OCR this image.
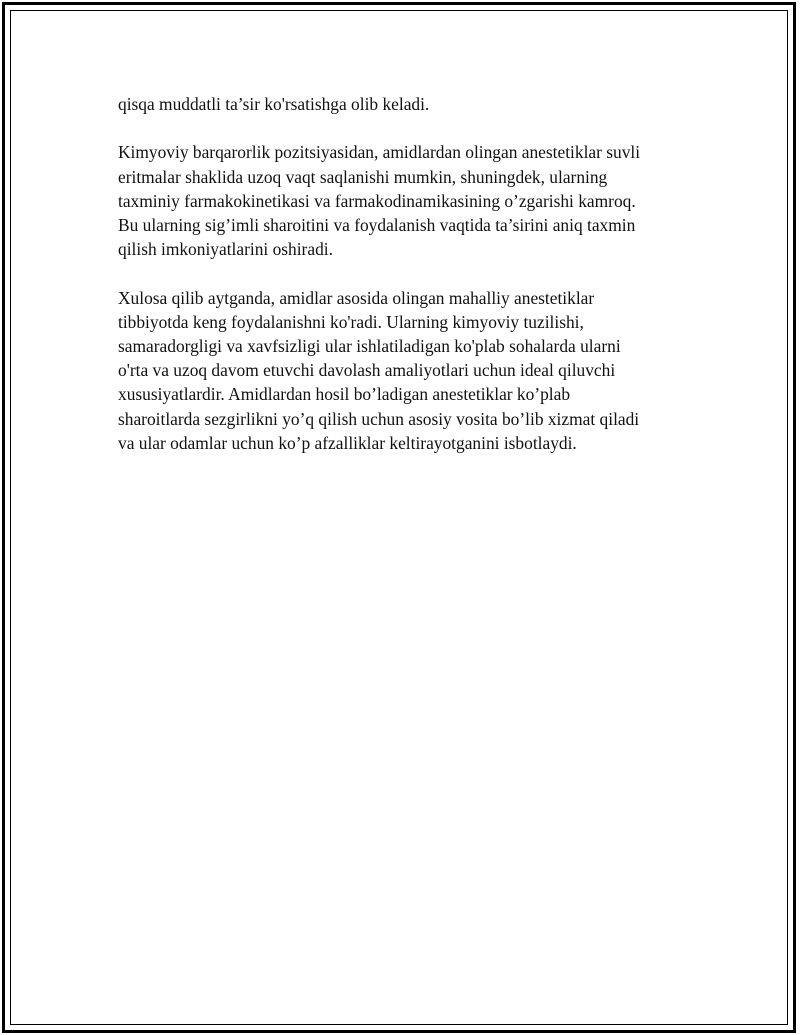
qisqa muddatli ta’sir ko'rsatishga olib keladi.

Kimyoviy barqarorlik pozitsiyasidan, amidlardan olingan anestetiklar suvli
eritmalar shaklida uzoq vaqt saqlanishi mumkin, shuningdek, ularning
taxminiy farmakokinetikasi va farmakodinamikasining o’zgarishi kamroq.
Bu ularning sig’imli sharoitini va foydalanish vaqtida ta’sirini aniq taxmin
qilish imkoniyatlarini oshiradi.

Xulosa qilib aytganda, amidlar asosida olingan mahalliy anestetiklar
tibbiyotda keng foydalanishni ko'radi. Ularning kimyoviy tuzilishi,
samaradorgligi va xavfsizligi ular ishlatiladigan ko'plab sohalarda ularni
o'rta va uzoq davom etuvchi davolash amaliyotlari uchun ideal qiluvchi
xususiyatlardir. Amidlardan hosil bo’ladigan anestetiklar ko’plab
sharoitlarda sezgirlikni yo’q qilish uchun asosiy vosita bo’lib xizmat qiladi
va ular odamlar uchun ko’p afzalliklar keltirayotganini isbotlaydi.
